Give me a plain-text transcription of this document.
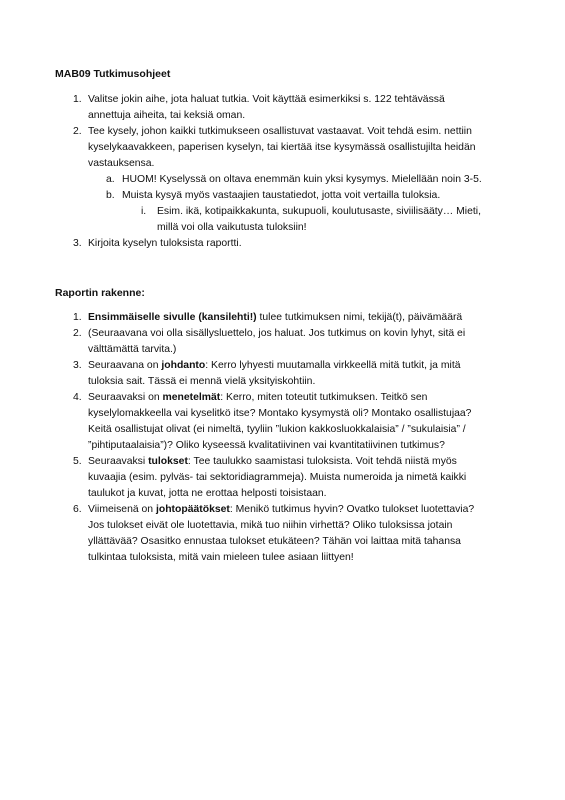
MAB09 Tutkimusohjeet
1. Valitse jokin aihe, jota haluat tutkia. Voit käyttää esimerkiksi s. 122 tehtävässä
annettuja aiheita, tai keksiä oman.
2. Tee kysely, johon kaikki tutkimukseen osallistuvat vastaavat. Voit tehdä esim. nettiin
kyselykaavakkeen, paperisen kyselyn, tai kiertää itse kysymässä osallistujilta heidän
vastauksensa.
a. HUOM! Kyselyssä on oltava enemmän kuin yksi kysymys. Mielellään noin 3-5.
b. Muista kysyä myös vastaajien taustatiedot, jotta voit vertailla tuloksia.
i. Esim. ikä, kotipaikkakunta, sukupuoli, koulutusaste, siviilisääty… Mieti,
millä voi olla vaikutusta tuloksiin!
3. Kirjoita kyselyn tuloksista raportti.
Raportin rakenne:
1. Ensimmäiselle sivulle (kansilehti!) tulee tutkimuksen nimi, tekijä(t), päivämäärä
2. (Seuraavana voi olla sisällysluettelo, jos haluat. Jos tutkimus on kovin lyhyt, sitä ei
välttämättä tarvita.)
3. Seuraavana on johdanto: Kerro lyhyesti muutamalla virkkeellä mitä tutkit, ja mitä
tuloksia sait. Tässä ei mennä vielä yksityiskohtiin.
4. Seuraavaksi on menetelmät: Kerro, miten toteutit tutkimuksen. Teitkö sen
kyselylomakkeella vai kyselitkö itse? Montako kysymystä oli? Montako osallistujaa?
Keitä osallistujat olivat (ei nimeltä, tyyliin ”lukion kakkosluokkalaisia” / ”sukulaisia” /
”pihtiputaalaisia”)? Oliko kyseessä kvalitatiivinen vai kvantitatiivinen tutkimus?
5. Seuraavaksi tulokset: Tee taulukko saamistasi tuloksista. Voit tehdä niistä myös
kuvaajia (esim. pylväs- tai sektoridiagrammeja). Muista numeroida ja nimetä kaikki
taulukot ja kuvat, jotta ne erottaa helposti toisistaan.
6. Viimeisenä on johtopäätökset: Menikö tutkimus hyvin? Ovatko tulokset luotettavia?
Jos tulokset eivät ole luotettavia, mikä tuo niihin virhettä? Oliko tuloksissa jotain
yllättävää? Osasitko ennustaa tulokset etukäteen? Tähän voi laittaa mitä tahansa
tulkintaa tuloksista, mitä vain mieleen tulee asiaan liittyen!
